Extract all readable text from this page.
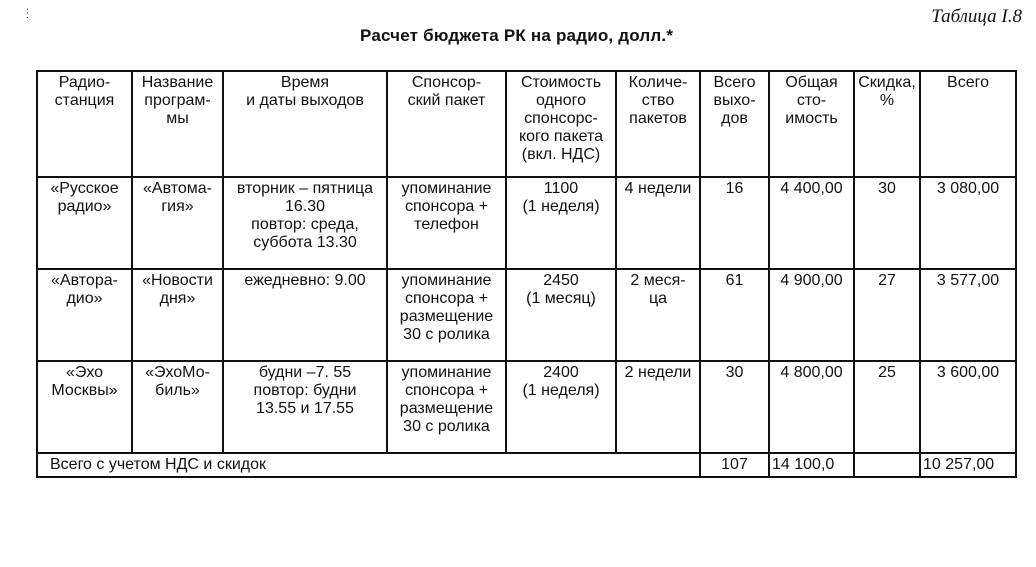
.
:	Таблица I.8
Расчет бюджета РК на радио, долл.*
Радио-
станция	Название
програм-
мы	Время
и даты выходов	Спонсор-
ский пакет	Стоимость
одного
спонсорс-
кого пакета
(вкл. НДС)	Количе-
ство
пакетов	Всего
выхо-
дов	Общая
сто-
имость	Скидка,
%	Всего

«Русское
радио»	«Автома-
гия»	вторник – пятница
16.30
повтор: среда,
суббота 13.30	упоминание
спонсора +
телефон	1100
(1 неделя)	4 недели	16	4 400,00	30	3 080,00

«Авторa-
дио»	«Новости
дня»	ежедневно: 9.00	упоминание
спонсора +
размещение
30 с ролика	2450
(1 месяц)	2 меся-
ца	61	4 900,00	27	3 577,00

«Эхо
Москвы»	«ЭхоМо-
биль»	будни –7. 55
повтор: будни
13.55 и 17.55	упоминание
спонсора +
размещение
30 с ролика	2400
(1 неделя)	2 недели	30	4 800,00	25	3 600,00

Всего с учетом НДС и скидок						107	14 100,0		10 257,00
